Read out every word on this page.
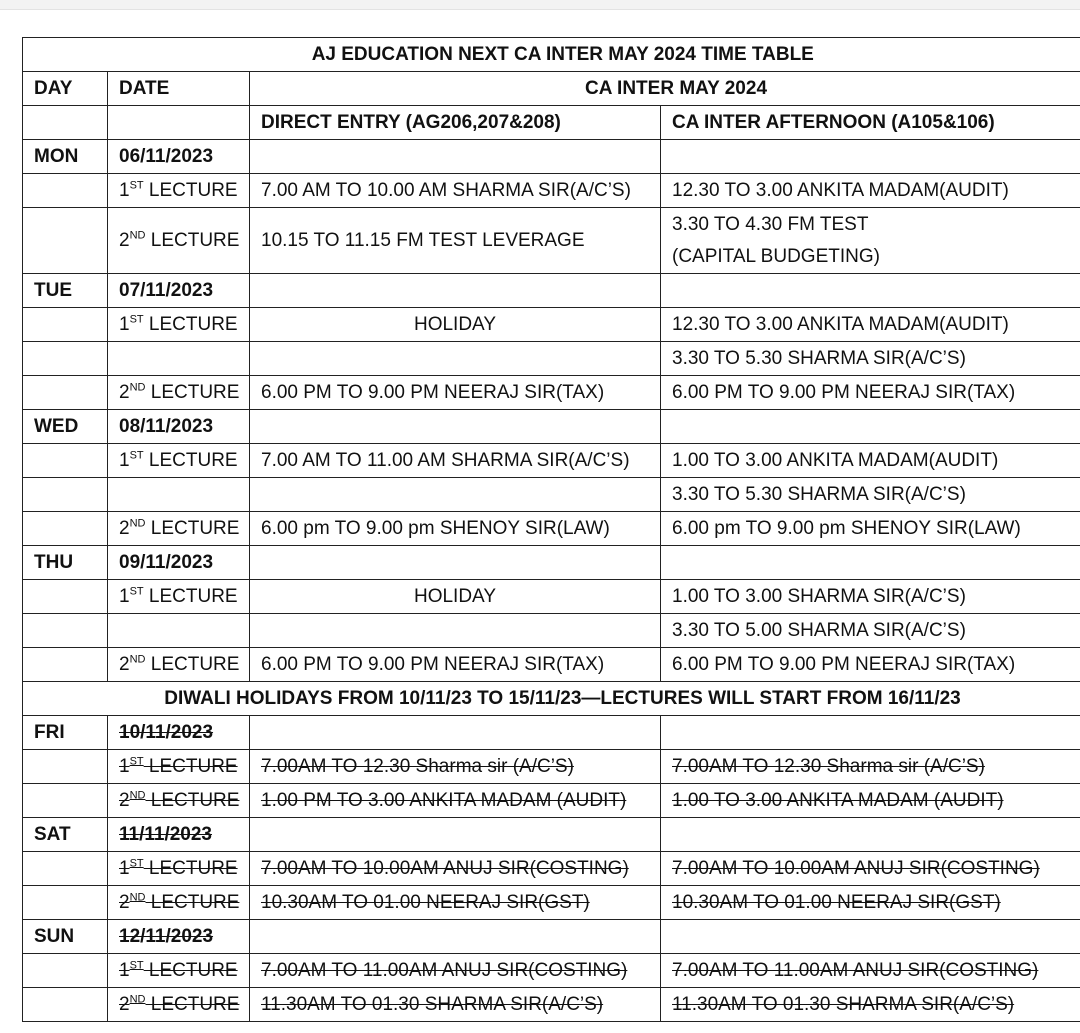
AJ EDUCATION NEXT CA INTER MAY 2024 TIME TABLE			
DAY	DATE	CA INTER MAY 2024	
		DIRECT ENTRY (AG206,207&208)	CA INTER AFTERNOON (A105&106)
MON	06/11/2023		
	1ST LECTURE	7.00 AM TO 10.00 AM SHARMA SIR(A/C’S)	12.30 TO 3.00 ANKITA MADAM(AUDIT)
	2ND LECTURE	10.15 TO 11.15 FM TEST LEVERAGE	3.30 TO 4.30 FM TEST
(CAPITAL BUDGETING)

TUE	07/11/2023		
	1ST LECTURE	HOLIDAY	12.30 TO 3.00 ANKITA MADAM(AUDIT)
			3.30 TO 5.30 SHARMA SIR(A/C’S)
	2ND LECTURE	6.00 PM TO 9.00 PM NEERAJ SIR(TAX)	6.00 PM TO 9.00 PM NEERAJ SIR(TAX)
WED	08/11/2023		
	1ST LECTURE	7.00 AM TO 11.00 AM SHARMA SIR(A/C’S)	1.00 TO 3.00 ANKITA MADAM(AUDIT)
			3.30 TO 5.30 SHARMA SIR(A/C’S)
	2ND LECTURE	6.00 pm TO 9.00 pm SHENOY SIR(LAW)	6.00 pm TO 9.00 pm SHENOY SIR(LAW)
THU	09/11/2023		
	1ST LECTURE	HOLIDAY	1.00 TO 3.00 SHARMA SIR(A/C’S)
			3.30 TO 5.00 SHARMA SIR(A/C’S)
	2ND LECTURE	6.00 PM TO 9.00 PM NEERAJ SIR(TAX)	6.00 PM TO 9.00 PM NEERAJ SIR(TAX)
DIWALI HOLIDAYS FROM 10/11/23 TO 15/11/23—LECTURES WILL START FROM 16/11/23			
FRI	10/11/2023		
	1ST LECTURE	7.00AM TO 12.30 Sharma sir (A/C’S)	7.00AM TO 12.30 Sharma sir (A/C’S)
	2ND LECTURE	1.00 PM TO 3.00 ANKITA MADAM (AUDIT)	1.00 TO 3.00 ANKITA MADAM (AUDIT)
SAT	11/11/2023		
	1ST LECTURE	7.00AM TO 10.00AM ANUJ SIR(COSTING)	7.00AM TO 10.00AM ANUJ SIR(COSTING)
	2ND LECTURE	10.30AM TO 01.00 NEERAJ SIR(GST)	10.30AM TO 01.00 NEERAJ SIR(GST)
SUN	12/11/2023		
	1ST LECTURE	7.00AM TO 11.00AM ANUJ SIR(COSTING)	7.00AM TO 11.00AM ANUJ SIR(COSTING)
	2ND LECTURE	11.30AM TO 01.30 SHARMA SIR(A/C’S)	11.30AM TO 01.30 SHARMA SIR(A/C’S)
